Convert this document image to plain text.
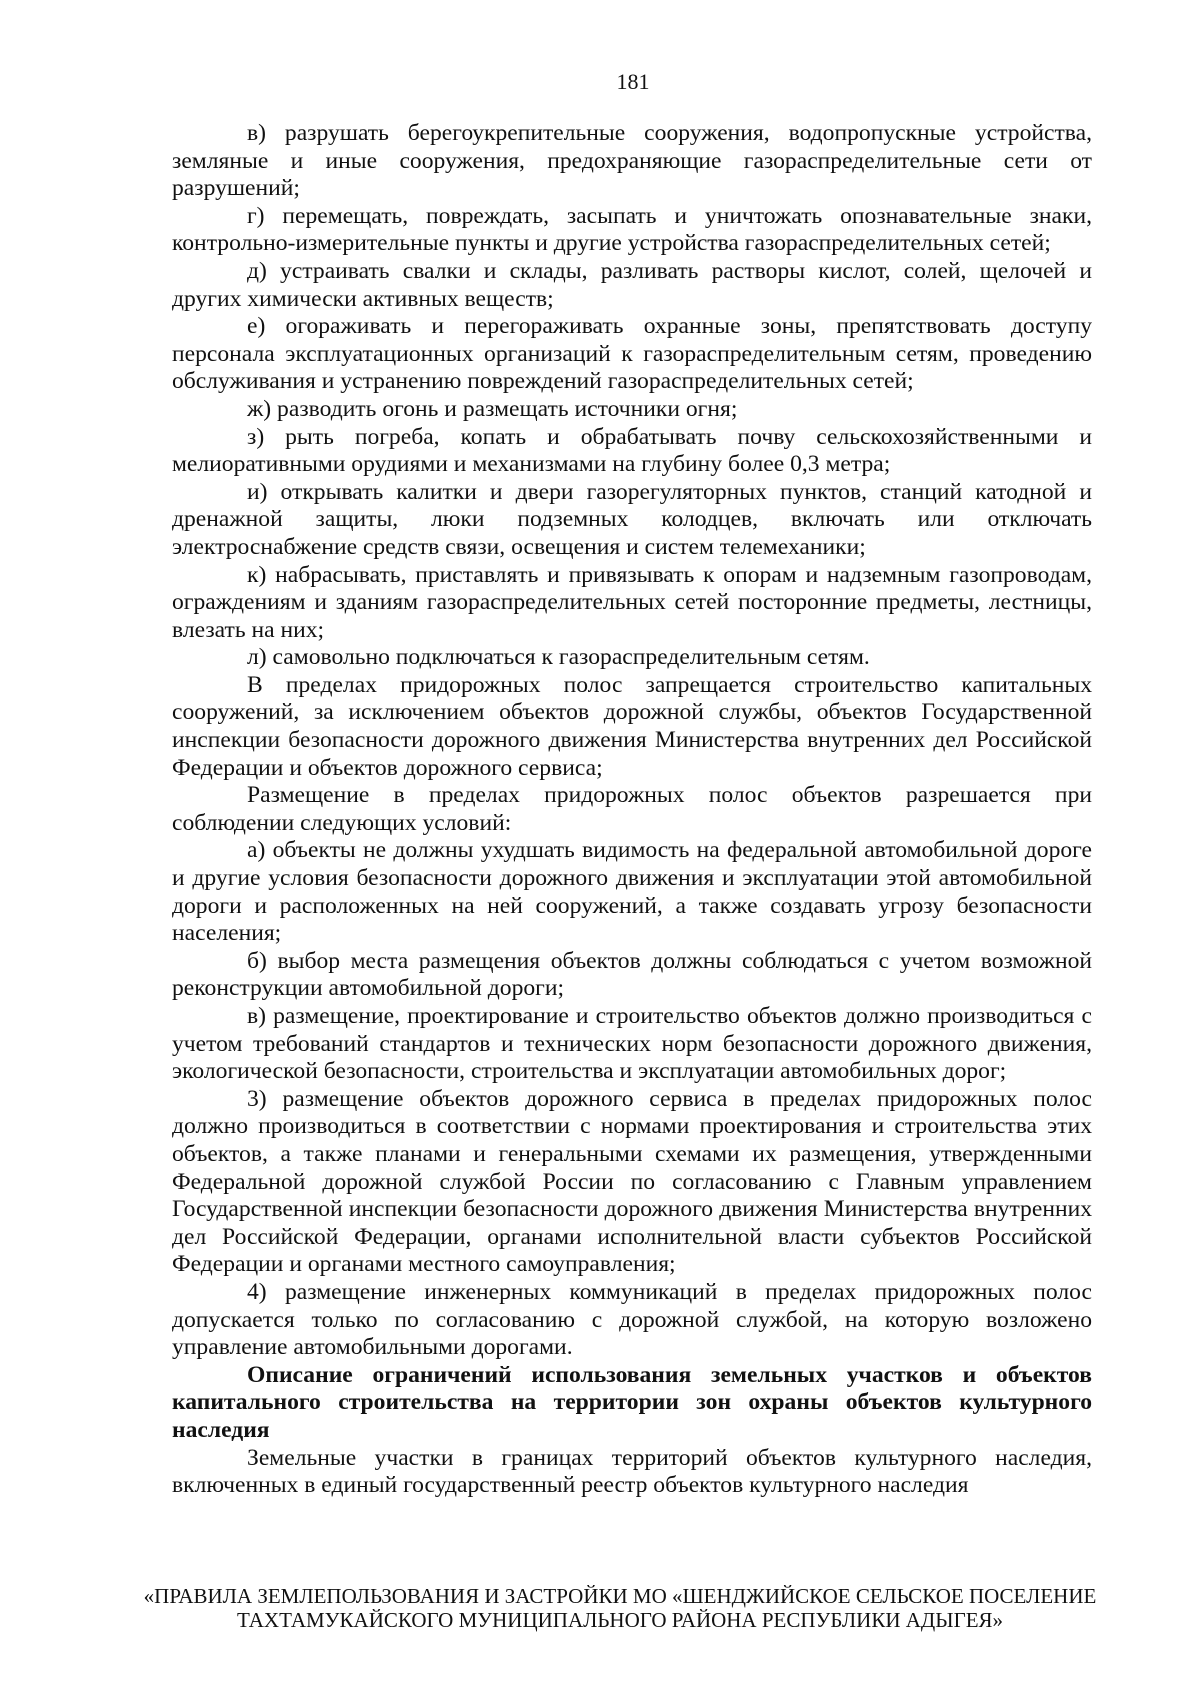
181

в) разрушать берегоукрепительные сооружения, водопропускные устройства, земляные и иные сооружения, предохраняющие газораспределительные сети от разрушений;

г) перемещать, повреждать, засыпать и уничтожать опознавательные знаки, контрольно-измерительные пункты и другие устройства газораспределительных сетей;

д) устраивать свалки и склады, разливать растворы кислот, солей, щелочей и других химически активных веществ;

е) огораживать и перегораживать охранные зоны, препятствовать доступу персонала эксплуатационных организаций к газораспределительным сетям, проведению обслуживания и устранению повреждений газораспределительных сетей;

ж) разводить огонь и размещать источники огня;

з) рыть погреба, копать и обрабатывать почву сельскохозяйственными и мелиоративными орудиями и механизмами на глубину более 0,3 метра;

и) открывать калитки и двери газорегуляторных пунктов, станций катодной и дренажной защиты, люки подземных колодцев, включать или отключать электроснабжение средств связи, освещения и систем телемеханики;

к) набрасывать, приставлять и привязывать к опорам и надземным газопроводам, ограждениям и зданиям газораспределительных сетей посторонние предметы, лестницы, влезать на них;

л) самовольно подключаться к газораспределительным сетям.

В пределах придорожных полос запрещается строительство капитальных сооружений, за исключением объектов дорожной службы, объектов Государственной инспекции безопасности дорожного движения Министерства внутренних дел Российской Федерации и объектов дорожного сервиса;

Размещение в пределах придорожных полос объектов разрешается при соблюдении следующих условий:

а) объекты не должны ухудшать видимость на федеральной автомобильной дороге и другие условия безопасности дорожного движения и эксплуатации этой автомобильной дороги и расположенных на ней сооружений, а также создавать угрозу безопасности населения;

б) выбор места размещения объектов должны соблюдаться с учетом возможной реконструкции автомобильной дороги;

в) размещение, проектирование и строительство объектов должно производиться с учетом требований стандартов и технических норм безопасности дорожного движения, экологической безопасности, строительства и эксплуатации автомобильных дорог;

3) размещение объектов дорожного сервиса в пределах придорожных полос должно производиться в соответствии с нормами проектирования и строительства этих объектов, а также планами и генеральными схемами их размещения, утвержденными Федеральной дорожной службой России по согласованию с Главным управлением Государственной инспекции безопасности дорожного движения Министерства внутренних дел Российской Федерации, органами исполнительной власти субъектов Российской Федерации и органами местного самоуправления;

4) размещение инженерных коммуникаций в пределах придорожных полос допускается только по согласованию с дорожной службой, на которую возложено управление автомобильными дорогами.

Описание ограничений использования земельных участков и объектов капитального строительства на территории зон охраны объектов культурного наследия

Земельные участки в границах территорий объектов культурного наследия, включенных в единый государственный реестр объектов культурного наследия

«ПРАВИЛА ЗЕМЛЕПОЛЬЗОВАНИЯ И ЗАСТРОЙКИ МО «ШЕНДЖИЙСКОЕ СЕЛЬСКОЕ ПОСЕЛЕНИЕ
ТАХТАМУКАЙСКОГО МУНИЦИПАЛЬНОГО РАЙОНА РЕСПУБЛИКИ АДЫГЕЯ»
